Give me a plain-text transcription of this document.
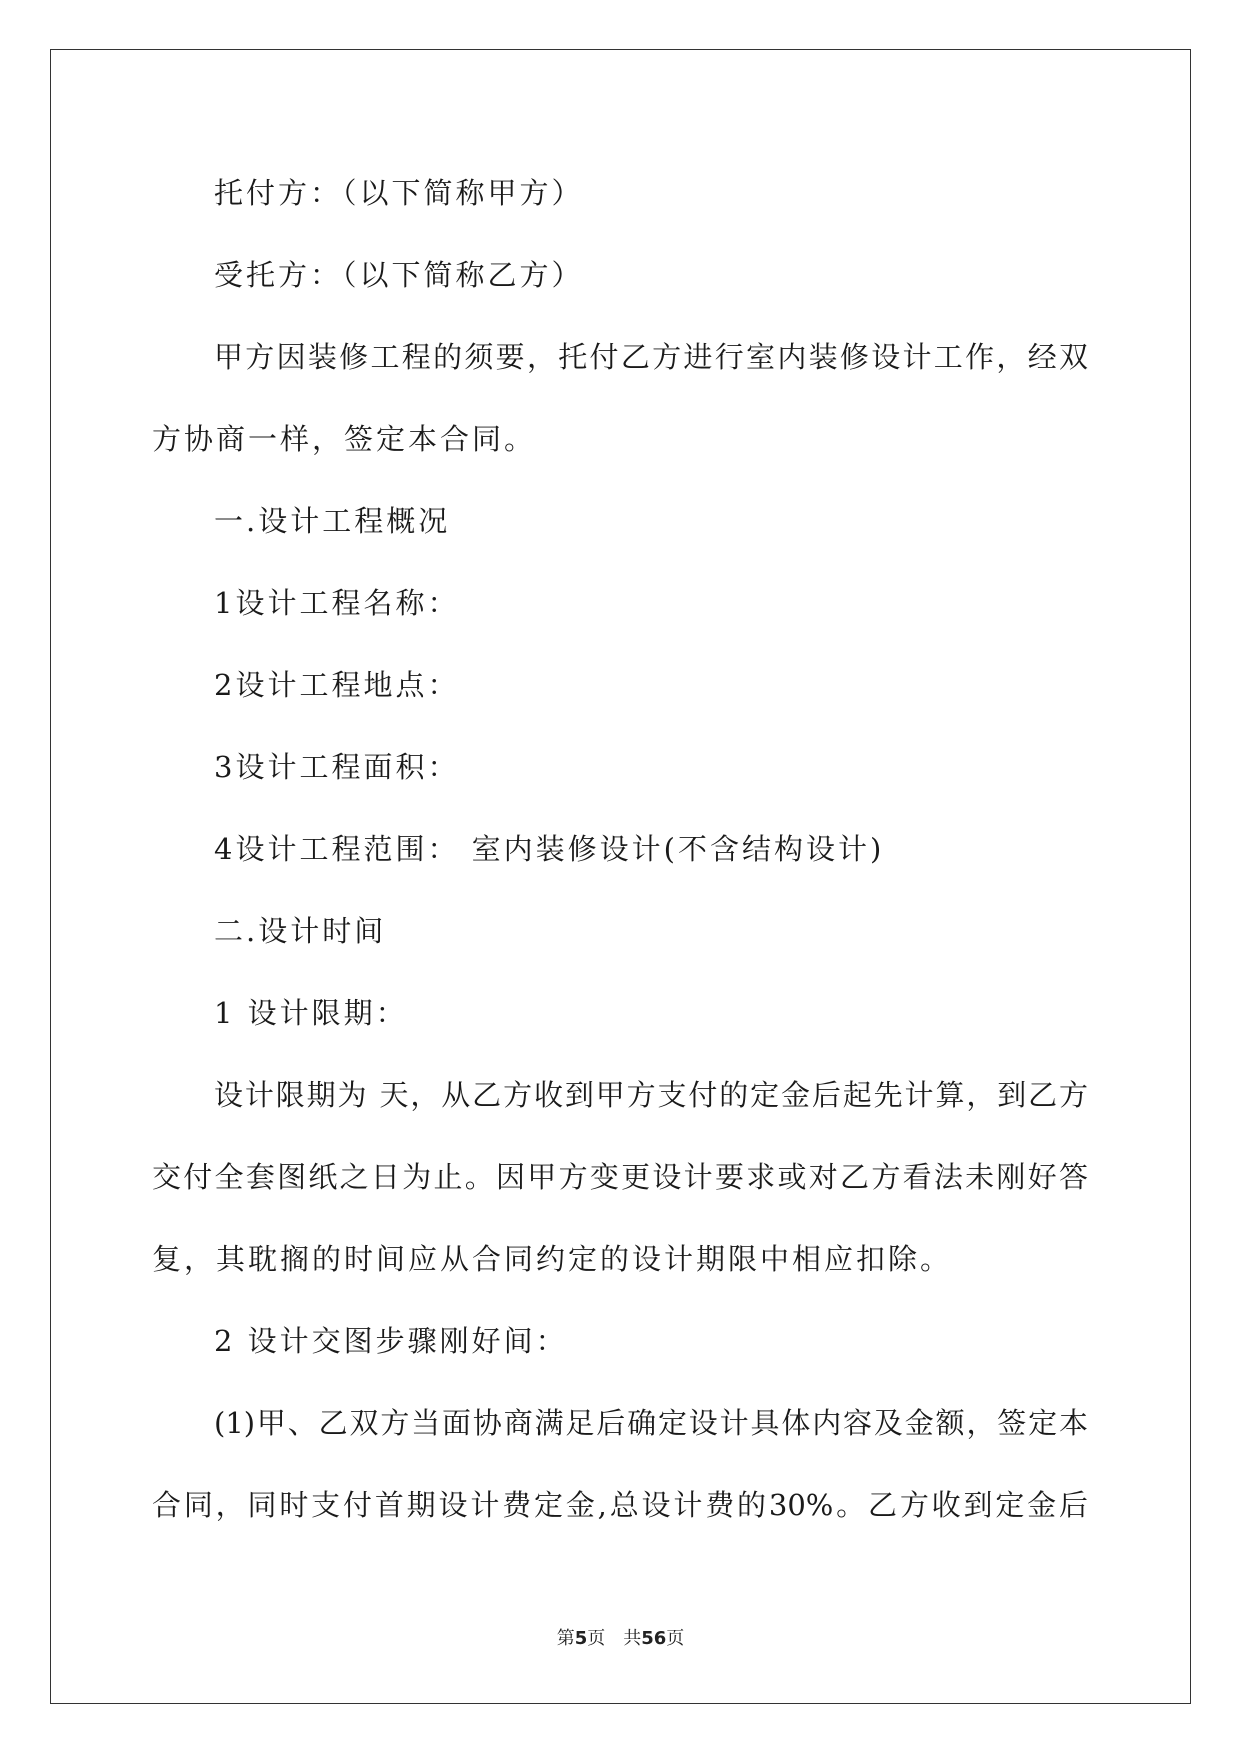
托付方：（以下简称甲方）

受托方：（以下简称乙方）

甲方因装修工程的须要，托付乙方进行室内装修设计工作，经双

方协商一样，签定本合同。

一.设计工程概况

1设计工程名称：

2设计工程地点：

3设计工程面积：

4设计工程范围： 室内装修设计(不含结构设计)

二.设计时间

1 设计限期：

设计限期为 天，从乙方收到甲方支付的定金后起先计算，到乙方

交付全套图纸之日为止。因甲方变更设计要求或对乙方看法未刚好答

复，其耽搁的时间应从合同约定的设计期限中相应扣除。

2 设计交图步骤刚好间：

(1)甲、乙双方当面协商满足后确定设计具体内容及金额，签定本

合同，同时支付首期设计费定金,总设计费的30%。乙方收到定金后

第5页 共56页
